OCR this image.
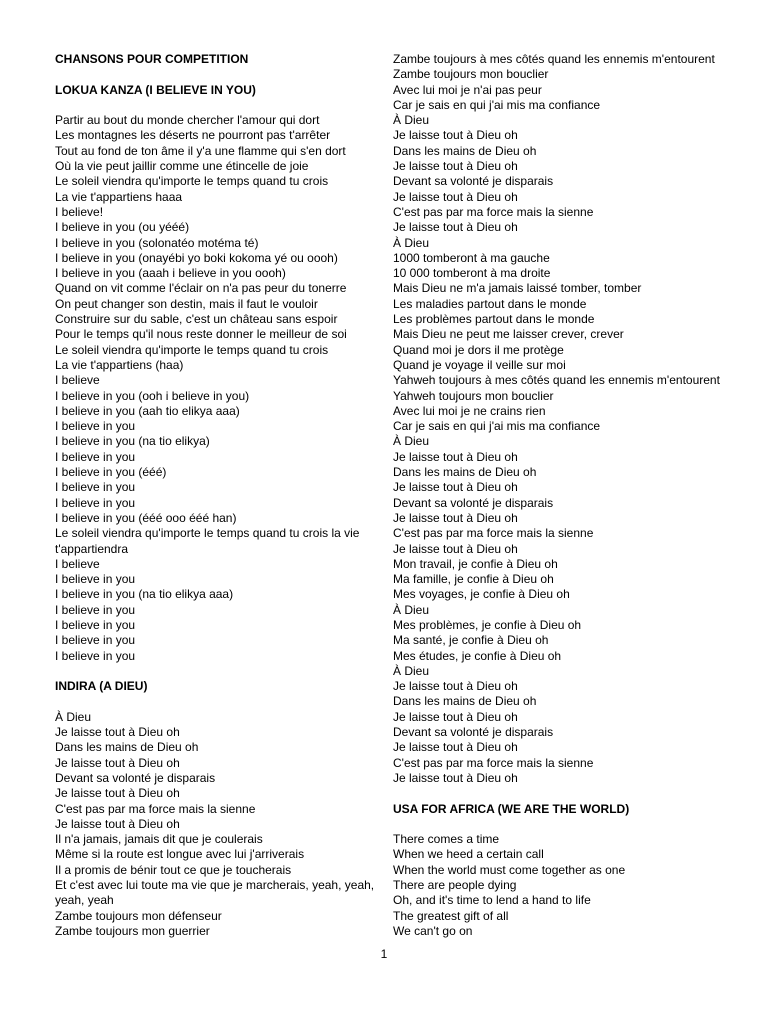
CHANSONS POUR COMPETITION
LOKUA KANZA (I BELIEVE IN YOU)
Partir au bout du monde chercher l'amour qui dort
Les montagnes les déserts ne pourront pas t'arrêter
Tout au fond de ton âme il y'a une flamme qui s'en dort
Où la vie peut jaillir comme une étincelle de joie
Le soleil viendra qu'importe le temps quand tu crois
La vie t'appartiens haaa
I believe!
I believe in you (ou yééé)
I believe in you (solonatéo motéma té)
I believe in you (onayébi yo boki kokoma yé ou oooh)
I believe in you (aaah i believe in you oooh)
Quand on vit comme l'éclair on n'a pas peur du tonerre
On peut changer son destin, mais il faut le vouloir
Construire sur du sable, c'est un château sans espoir
Pour le temps qu'il nous reste donner le meilleur de soi
Le soleil viendra qu'importe le temps quand tu crois
La vie t'appartiens (haa)
I believe
I believe in you (ooh i believe in you)
I believe in you (aah tio elikya aaa)
I believe in you
I believe in you (na tio elikya)
I believe in you
I believe in you (ééé)
I believe in you
I believe in you
I believe in you (ééé ooo ééé han)
Le soleil viendra qu'importe le temps quand tu crois la vie t'appartiendra
I believe
I believe in you
I believe in you (na tio elikya aaa)
I believe in you
I believe in you
I believe in you
I believe in you
INDIRA (A DIEU)
À Dieu
Je laisse tout à Dieu oh
Dans les mains de Dieu oh
Je laisse tout à Dieu oh
Devant sa volonté je disparais
Je laisse tout à Dieu oh
C'est pas par ma force mais la sienne
Je laisse tout à Dieu oh
Il n'a jamais, jamais dit que je coulerais
Même si la route est longue avec lui j'arriverais
Il a promis de bénir tout ce que je toucherais
Et c'est avec lui toute ma vie que je marcherais, yeah, yeah, yeah, yeah
Zambe toujours mon défenseur
Zambe toujours mon guerrier
Zambe toujours à mes côtés quand les ennemis m'entourent
Zambe toujours mon bouclier
Avec lui moi je n'ai pas peur
Car je sais en qui j'ai mis ma confiance
À Dieu
Je laisse tout à Dieu oh
Dans les mains de Dieu oh
Je laisse tout à Dieu oh
Devant sa volonté je disparais
Je laisse tout à Dieu oh
C'est pas par ma force mais la sienne
Je laisse tout à Dieu oh
À Dieu
1000 tomberont à ma gauche
10 000 tomberont à ma droite
Mais Dieu ne m'a jamais laissé tomber, tomber
Les maladies partout dans le monde
Les problèmes partout dans le monde
Mais Dieu ne peut me laisser crever, crever
Quand moi je dors il me protège
Quand je voyage il veille sur moi
Yahweh toujours à mes côtés quand les ennemis m'entourent
Yahweh toujours mon bouclier
Avec lui moi je ne crains rien
Car je sais en qui j'ai mis ma confiance
À Dieu
Je laisse tout à Dieu oh
Dans les mains de Dieu oh
Je laisse tout à Dieu oh
Devant sa volonté je disparais
Je laisse tout à Dieu oh
C'est pas par ma force mais la sienne
Je laisse tout à Dieu oh
Mon travail, je confie à Dieu oh
Ma famille, je confie à Dieu oh
Mes voyages, je confie à Dieu oh
À Dieu
Mes problèmes, je confie à Dieu oh
Ma santé, je confie à Dieu oh
Mes études, je confie à Dieu oh
À Dieu
Je laisse tout à Dieu oh
Dans les mains de Dieu oh
Je laisse tout à Dieu oh
Devant sa volonté je disparais
Je laisse tout à Dieu oh
C'est pas par ma force mais la sienne
Je laisse tout à Dieu oh
USA FOR AFRICA (WE ARE THE WORLD)
There comes a time
When we heed a certain call
When the world must come together as one
There are people dying
Oh, and it's time to lend a hand to life
The greatest gift of all
We can't go on
1
